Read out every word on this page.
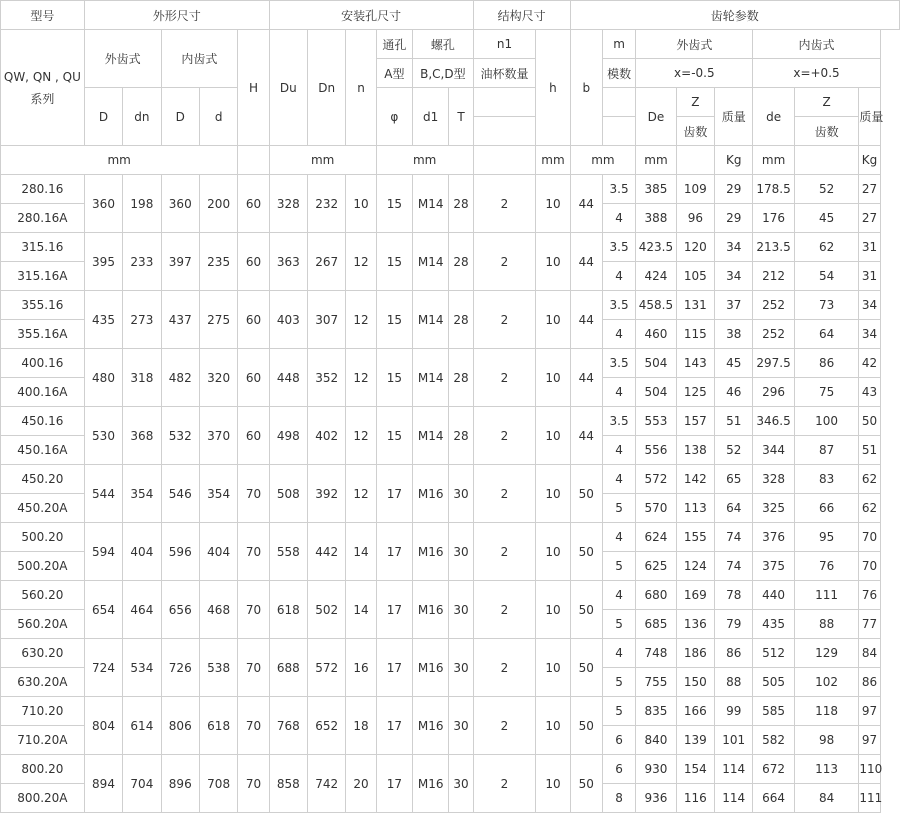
型号	外形尺寸					安装孔尺寸						结构尺寸		齿轮参数							
QW, QN , QU系列	外齿式		内齿式		H	Du	Dn	n	通孔	螺孔		n1	h	b	m	外齿式			内齿式		
									A型	B,C,D型		油杯数量			模数	x=-0.5			x=+0.5		
	D	dn	D	d					φ	d1	T					De	Z	质量	de	Z	质量
																	齿数			齿数	
mm						mm			mm				mm	mm		mm		Kg	mm		Kg
280.16	360	198	360	200	60	328	232	10	15	M14	28	2	10	44	3.5	385	109	29	178.5	52	27
280.16A															4	388	96	29	176	45	27
315.16	395	233	397	235	60	363	267	12	15	M14	28	2	10	44	3.5	423.5	120	34	213.5	62	31
315.16A															4	424	105	34	212	54	31
355.16	435	273	437	275	60	403	307	12	15	M14	28	2	10	44	3.5	458.5	131	37	252	73	34
355.16A															4	460	115	38	252	64	34
400.16	480	318	482	320	60	448	352	12	15	M14	28	2	10	44	3.5	504	143	45	297.5	86	42
400.16A															4	504	125	46	296	75	43
450.16	530	368	532	370	60	498	402	12	15	M14	28	2	10	44	3.5	553	157	51	346.5	100	50
450.16A															4	556	138	52	344	87	51
450.20	544	354	546	354	70	508	392	12	17	M16	30	2	10	50	4	572	142	65	328	83	62
450.20A															5	570	113	64	325	66	62
500.20	594	404	596	404	70	558	442	14	17	M16	30	2	10	50	4	624	155	74	376	95	70
500.20A															5	625	124	74	375	76	70
560.20	654	464	656	468	70	618	502	14	17	M16	30	2	10	50	4	680	169	78	440	111	76
560.20A															5	685	136	79	435	88	77
630.20	724	534	726	538	70	688	572	16	17	M16	30	2	10	50	4	748	186	86	512	129	84
630.20A															5	755	150	88	505	102	86
710.20	804	614	806	618	70	768	652	18	17	M16	30	2	10	50	5	835	166	99	585	118	97
710.20A															6	840	139	101	582	98	97
800.20	894	704	896	708	70	858	742	20	17	M16	30	2	10	50	6	930	154	114	672	113	110
800.20A															8	936	116	114	664	84	111
